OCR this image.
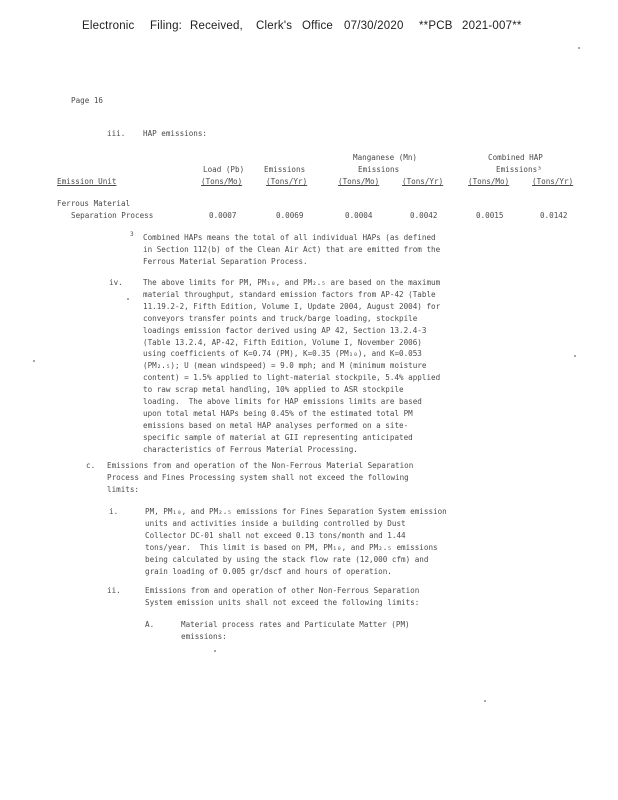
Electronic Filing: Received, Clerk's Office 07/30/2020 **PCB 2021-007**
Page 16
iii. HAP emissions:
Manganese (Mn)	Combined HAP
Load (Pb)	Emissions	Emissions	Emissions³
Emission Unit	(Tons/Mo)	(Tons/Yr)	(Tons/Mo)	(Tons/Yr)	(Tons/Mo)	(Tons/Yr)
Ferrous Material
Separation Process	0.0007	0.0069	0.0004	0.0042	0.0015	0.0142
3 Combined HAPs means the total of all individual HAPs (as defined
in Section 112(b) of the Clean Air Act) that are emitted from the
Ferrous Material Separation Process.
iv.	The above limits for PM, PM₁₀, and PM₂.₅ are based on the maximum
material throughput, standard emission factors from AP-42 (Table
11.19.2-2, Fifth Edition, Volume I, Update 2004, August 2004) for
conveyors transfer points and truck/barge loading, stockpile
loadings emission factor derived using AP 42, Section 13.2.4-3
(Table 13.2.4, AP-42, Fifth Edition, Volume I, November 2006)
using coefficients of K=0.74 (PM), K=0.35 (PM₁₀), and K=0.053
(PM₂.₅); U (mean windspeed) = 9.0 mph; and M (minimum moisture
content) = 1.5% applied to light-material stockpile, 5.4% applied
to raw scrap metal handling, 10% applied to ASR stockpile
loading.  The above limits for HAP emissions limits are based
upon total metal HAPs being 0.45% of the estimated total PM
emissions based on metal HAP analyses performed on a site-
specific sample of material at GII representing anticipated
characteristics of Ferrous Material Processing.
c. Emissions from and operation of the Non-Ferrous Material Separation
Process and Fines Processing system shall not exceed the following
limits:
i.	PM, PM₁₀, and PM₂.₅ emissions for Fines Separation System emission
units and activities inside a building controlled by Dust
Collector DC-01 shall not exceed 0.13 tons/month and 1.44
tons/year.  This limit is based on PM, PM₁₀, and PM₂.₅ emissions
being calculated by using the stack flow rate (12,000 cfm) and
grain loading of 0.005 gr/dscf and hours of operation.
ii.	Emissions from and operation of other Non-Ferrous Separation
System emission units shall not exceed the following limits:
A.	Material process rates and Particulate Matter (PM)
emissions:
